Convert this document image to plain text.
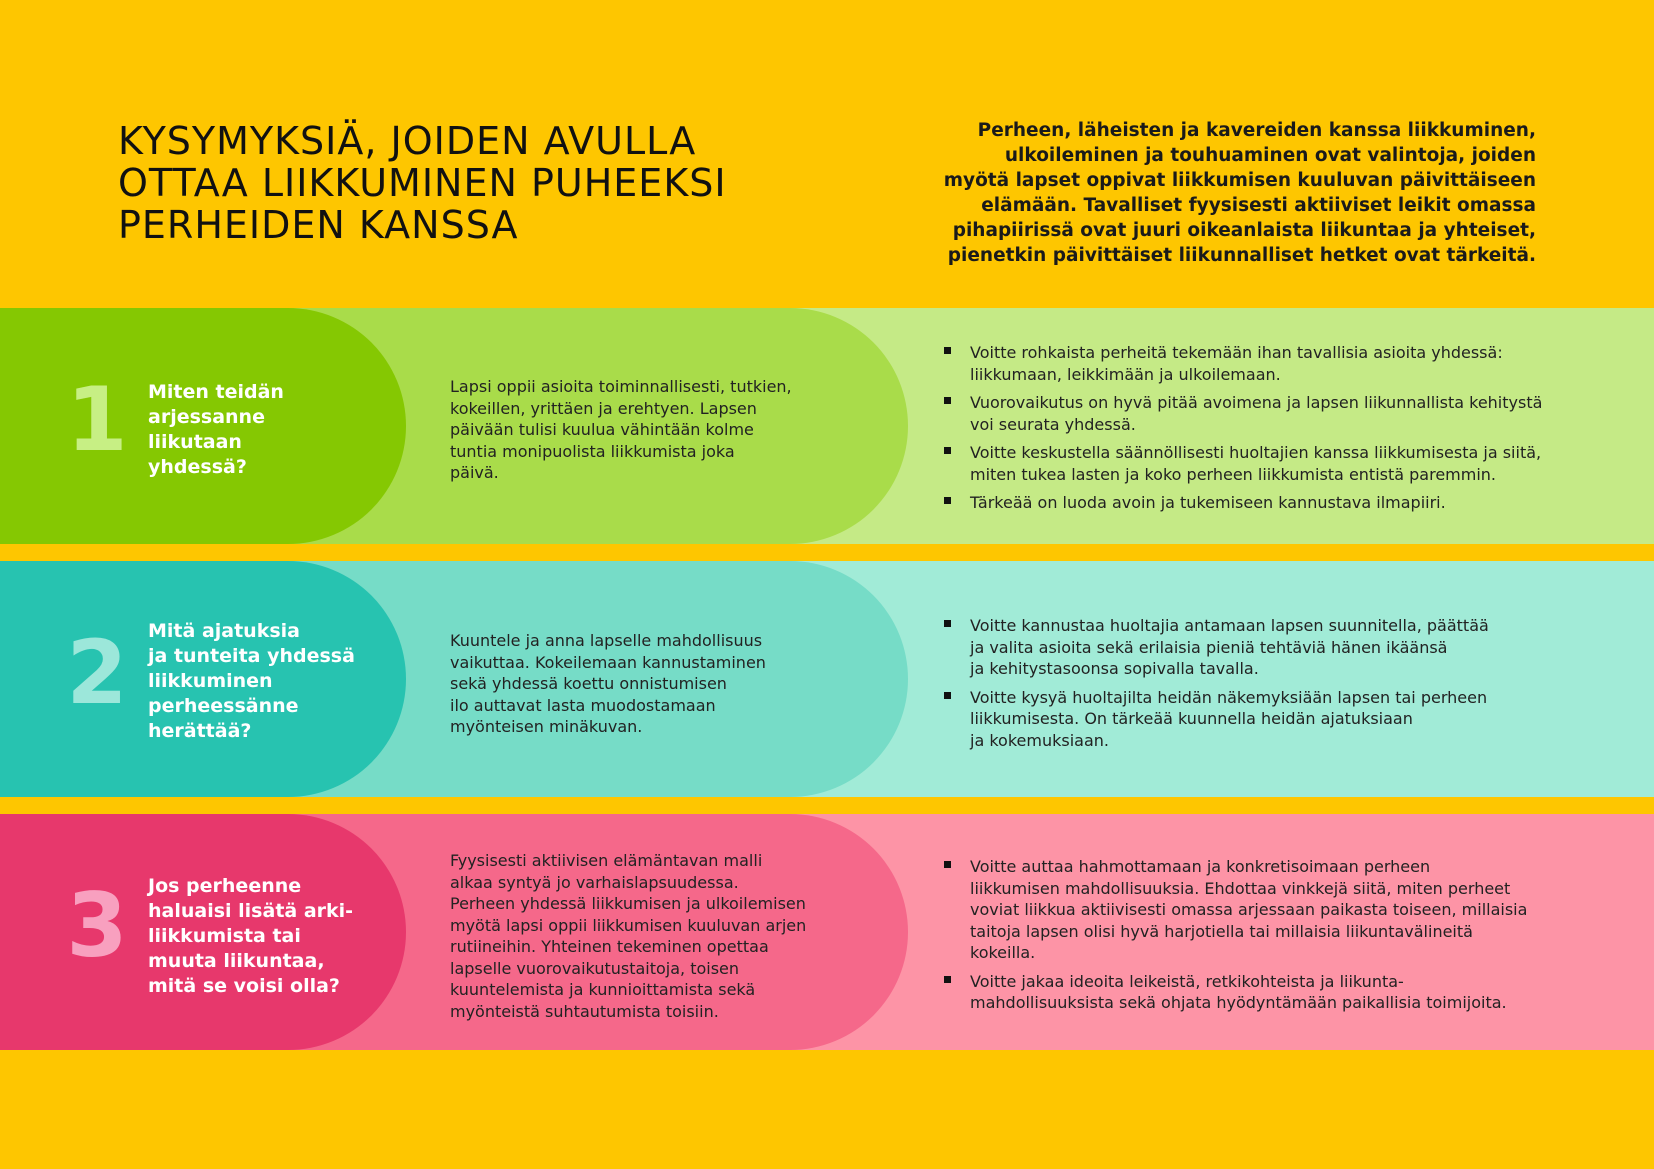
KYSYMYKSIÄ, JOIDEN AVULLA
OTTAA LIIKKUMINEN PUHEEKSI
PERHEIDEN KANSSA

Perheen, läheisten ja kavereiden kanssa liikkuminen,
ulkoileminen ja touhuaminen ovat valintoja, joiden
myötä lapset oppivat liikkumisen kuuluvan päivittäiseen
elämään. Tavalliset fyysisesti aktiiviset leikit omassa
pihapiirissä ovat juuri oikeanlaista liikuntaa ja yhteiset,
pienetkin päivittäiset liikunnalliset hetket ovat tärkeitä.

1 Miten teidän
arjessanne
liikutaan
yhdessä?
Lapsi oppii asioita toiminnallisesti, tutkien,
kokeillen, yrittäen ja erehtyen. Lapsen
päivään tulisi kuulua vähintään kolme
tuntia monipuolista liikkumista joka
päivä.
Voitte rohkaista perheitä tekemään ihan tavallisia asioita yhdessä:
liikkumaan, leikkimään ja ulkoilemaan.
Vuorovaikutus on hyvä pitää avoimena ja lapsen liikunnallista kehitystä
voi seurata yhdessä.
Voitte keskustella säännöllisesti huoltajien kanssa liikkumisesta ja siitä,
miten tukea lasten ja koko perheen liikkumista entistä paremmin.
Tärkeää on luoda avoin ja tukemiseen kannustava ilmapiiri.
2 Mitä ajatuksia
ja tunteita yhdessä
liikkuminen
perheessänne
herättää?
Kuuntele ja anna lapselle mahdollisuus
vaikuttaa. Kokeilemaan kannustaminen
sekä yhdessä koettu onnistumisen
ilo auttavat lasta muodostamaan
myönteisen minäkuvan.
Voitte kannustaa huoltajia antamaan lapsen suunnitella, päättää
ja valita asioita sekä erilaisia pieniä tehtäviä hänen ikäänsä
ja kehitystasoonsa sopivalla tavalla.
Voitte kysyä huoltajilta heidän näkemyksiään lapsen tai perheen
liikkumisesta. On tärkeää kuunnella heidän ajatuksiaan
ja kokemuksiaan.
3 Jos perheenne
haluaisi lisätä arki-
liikkumista tai
muuta liikuntaa,
mitä se voisi olla?
Fyysisesti aktiivisen elämäntavan malli
alkaa syntyä jo varhaislapsuudessa.
Perheen yhdessä liikkumisen ja ulkoilemisen
myötä lapsi oppii liikkumisen kuuluvan arjen
rutiineihin. Yhteinen tekeminen opettaa
lapselle vuorovaikutustaitoja, toisen
kuuntelemista ja kunnioittamista sekä
myönteistä suhtautumista toisiin.
Voitte auttaa hahmottamaan ja konkretisoimaan perheen
liikkumisen mahdollisuuksia. Ehdottaa vinkkejä siitä, miten perheet
voviat liikkua aktiivisesti omassa arjessaan paikasta toiseen, millaisia
taitoja lapsen olisi hyvä harjotiella tai millaisia liikuntavälineitä
kokeilla.
Voitte jakaa ideoita leikeistä, retkikohteista ja liikunta-
mahdollisuuksista sekä ohjata hyödyntämään paikallisia toimijoita.
